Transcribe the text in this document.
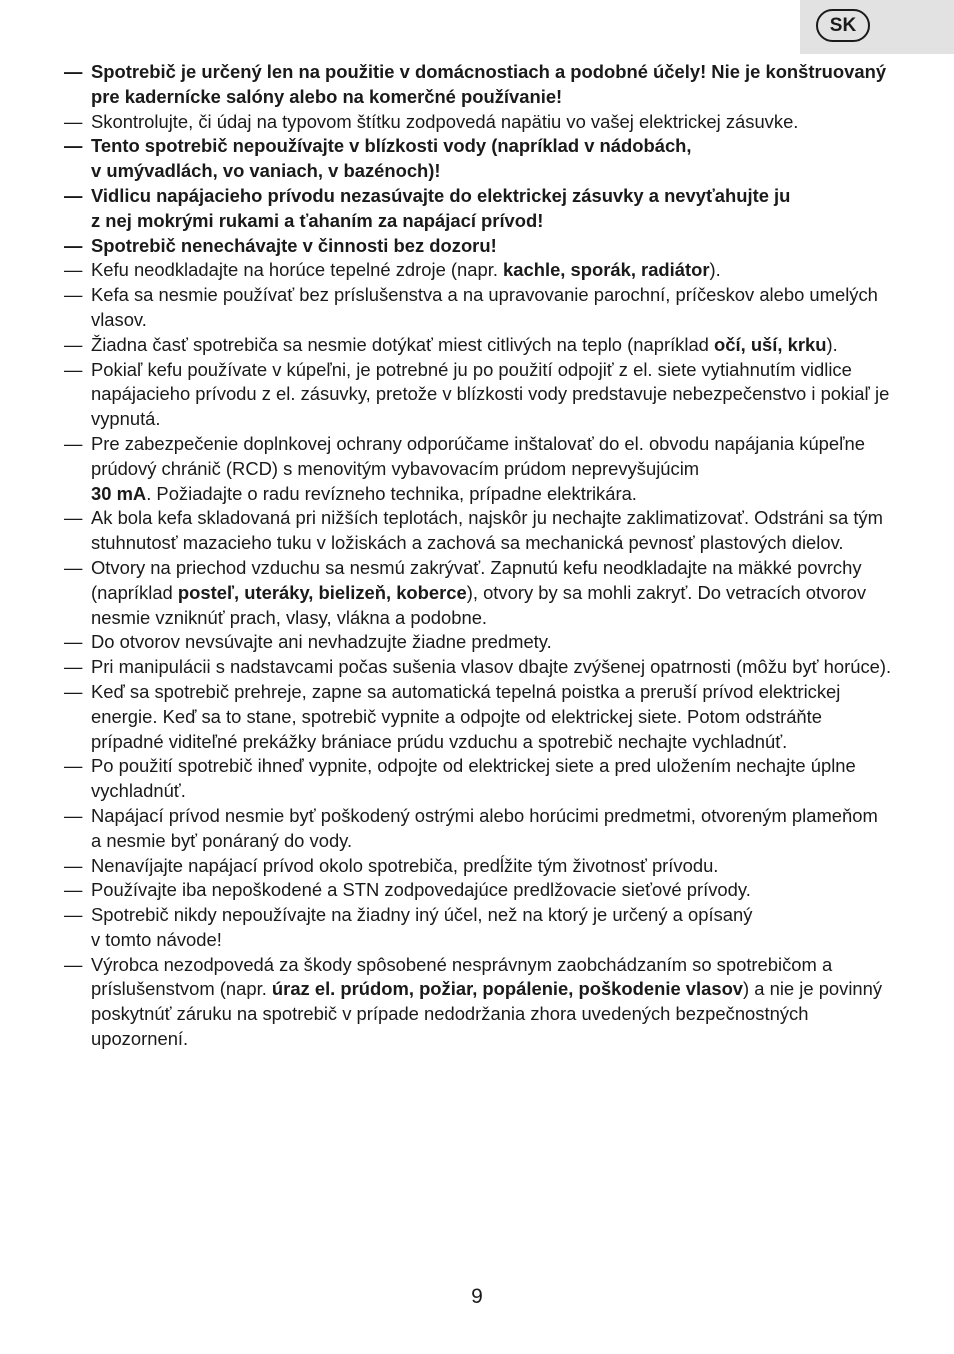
SK
— Spotrebič je určený len na použitie v domácnostiach a podobné účely! Nie je konštruovaný pre kadernícke salóny alebo na komerčné používanie!
— Skontrolujte, či údaj na typovom štítku zodpovedá napätiu vo vašej elektrickej zásuvke.
— Tento spotrebič nepoužívajte v blízkosti vody (napríklad v nádobách,
v umývadlách, vo vaniach, v bazénoch)!
— Vidlicu napájacieho prívodu nezasúvajte do elektrickej zásuvky a nevyťahujte ju
z nej mokrými rukami a ťahaním za napájací prívod!
— Spotrebič nenechávajte v činnosti bez dozoru!
— Kefu neodkladajte na horúce tepelné zdroje (napr. kachle, sporák, radiátor).
— Kefa sa nesmie používať bez príslušenstva a na upravovanie parochní, príčeskov alebo umelých vlasov.
— Žiadna časť spotrebiča sa nesmie dotýkať miest citlivých na teplo (napríklad očí, uší, krku).
— Pokiaľ kefu používate v kúpeľni, je potrebné ju po použití odpojiť z el. siete vytiahnutím vidlice napájacieho prívodu z el. zásuvky, pretože v blízkosti vody predstavuje nebezpečenstvo i pokiaľ je vypnutá.
— Pre zabezpečenie doplnkovej ochrany odporúčame inštalovať do el. obvodu napájania kúpeľne prúdový chránič (RCD) s menovitým vybavovacím prúdom neprevyšujúcim
30 mA. Požiadajte o radu revízneho technika, prípadne elektrikára.
— Ak bola kefa skladovaná pri nižších teplotách, najskôr ju nechajte zaklimatizovať. Odstráni sa tým stuhnutosť mazacieho tuku v ložiskách a zachová sa mechanická pevnosť plastových dielov.
— Otvory na priechod vzduchu sa nesmú zakrývať. Zapnutú kefu neodkladajte na mäkké povrchy (napríklad posteľ, uteráky, bielizeň, koberce), otvory by sa mohli zakryť. Do vetracích otvorov nesmie vzniknúť prach, vlasy, vlákna a podobne.
— Do otvorov nevsúvajte ani nevhadzujte žiadne predmety.
— Pri manipulácii s nadstavcami počas sušenia vlasov dbajte zvýšenej opatrnosti (môžu byť horúce).
— Keď sa spotrebič prehreje, zapne sa automatická tepelná poistka a preruší prívod elektrickej energie. Keď sa to stane, spotrebič vypnite a odpojte od elektrickej siete. Potom odstráňte prípadné viditeľné prekážky brániace prúdu vzduchu a spotrebič nechajte vychladnúť.
— Po použití spotrebič ihneď vypnite, odpojte od elektrickej siete a pred uložením nechajte úplne vychladnúť.
— Napájací prívod nesmie byť poškodený ostrými alebo horúcimi predmetmi, otvoreným plameňom a nesmie byť ponáraný do vody.
— Nenavíjajte napájací prívod okolo spotrebiča, predĺžite tým životnosť prívodu.
— Používajte iba nepoškodené a STN zodpovedajúce predlžovacie sieťové prívody.
— Spotrebič nikdy nepoužívajte na žiadny iný účel, než na ktorý je určený a opísaný
v tomto návode!
— Výrobca nezodpovedá za škody spôsobené nesprávnym zaobchádzaním so spotrebičom a príslušenstvom (napr. úraz el. prúdom, požiar, popálenie, poškodenie vlasov) a nie je povinný poskytnúť záruku na spotrebič v prípade nedodržania zhora uvedených bezpečnostných upozornení.
9
